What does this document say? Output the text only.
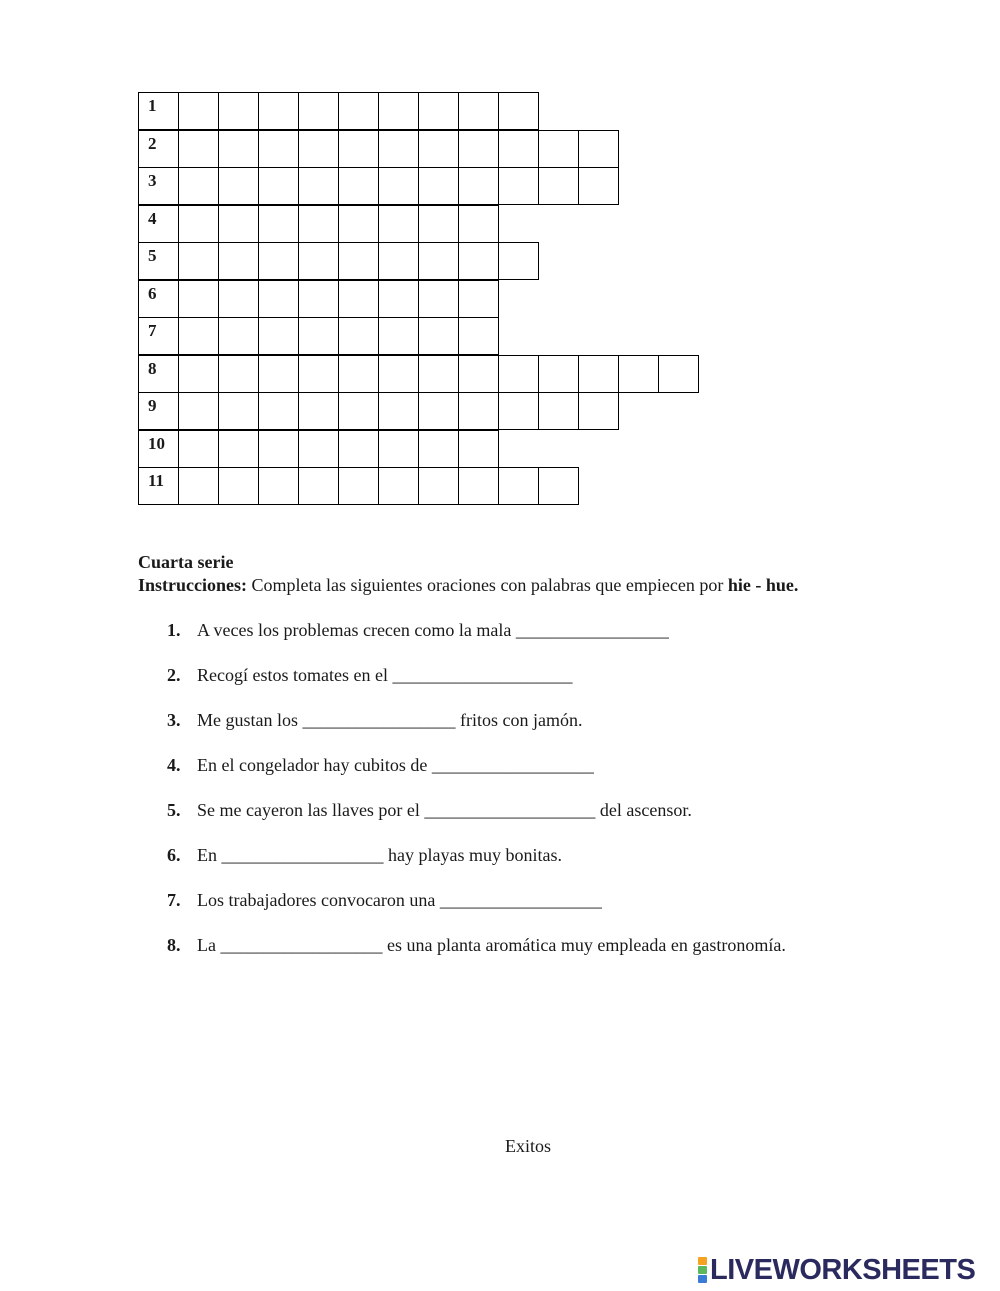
1
2
3
4
5
6
7
8
9
10
11
Cuarta serie
Instrucciones: Completa las siguientes oraciones con palabras que empiecen por hie - hue.
1. A veces los problemas crecen como la mala _________________
2. Recogí estos tomates en el ____________________
3. Me gustan los _________________ fritos con jamón.
4. En el congelador hay cubitos de __________________
5. Se me cayeron las llaves por el ___________________ del ascensor.
6. En __________________ hay playas muy bonitas.
7. Los trabajadores convocaron una __________________
8. La __________________ es una planta aromática muy empleada en gastronomía.
Exitos
LIVEWORKSHEETS
